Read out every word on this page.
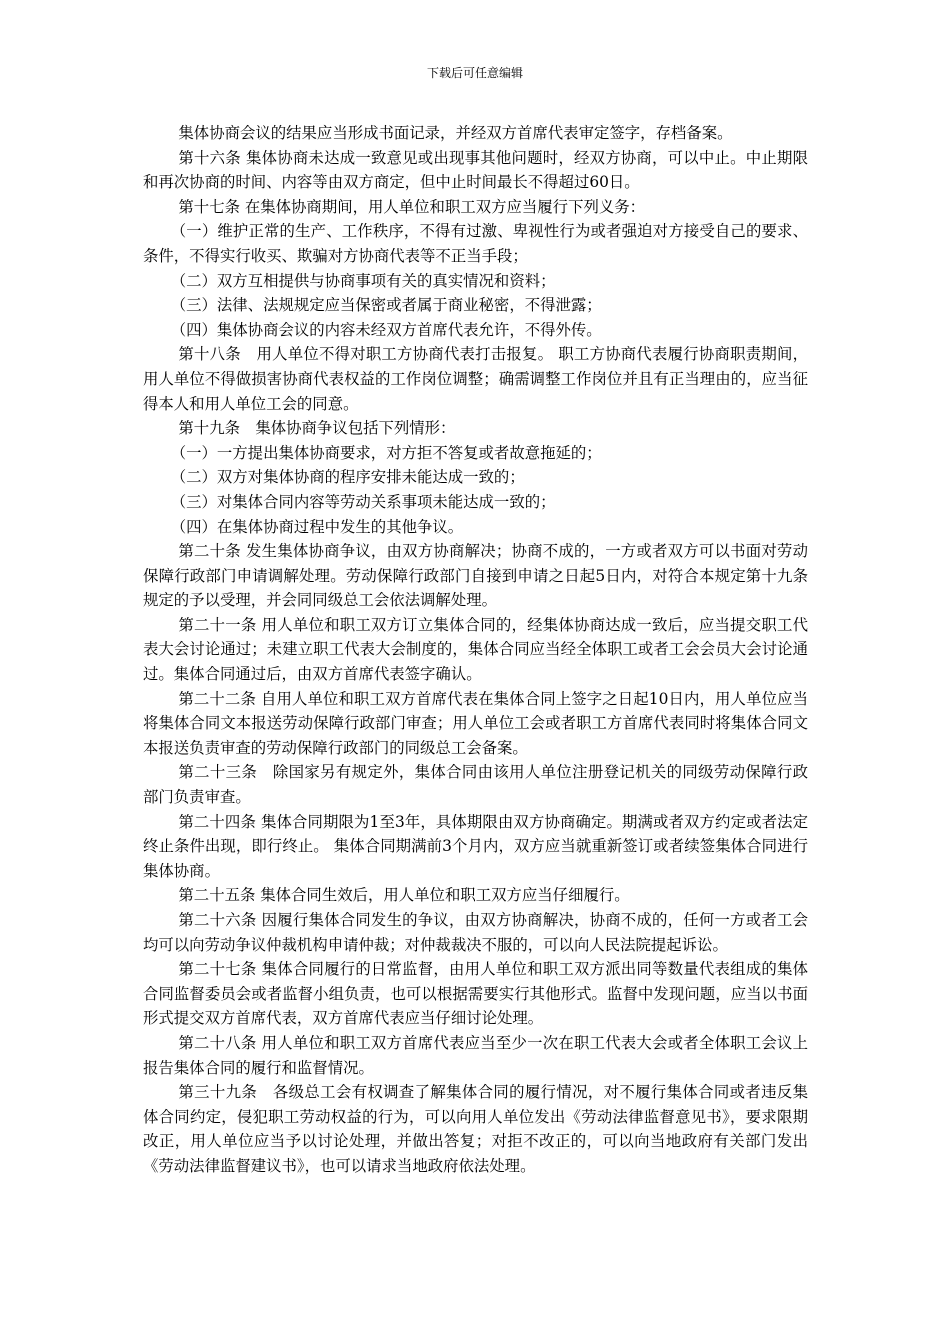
下载后可任意编辑

集体协商会议的结果应当形成书面记录，并经双方首席代表审定签字，存档备案。

第十六条 集体协商未达成一致意见或出现事其他问题时，经双方协商，可以中止。中止期限和再次协商的时间、内容等由双方商定，但中止时间最长不得超过60日。

第十七条 在集体协商期间，用人单位和职工双方应当履行下列义务：

（一）维护正常的生产、工作秩序，不得有过激、卑视性行为或者强迫对方接受自己的要求、条件，不得实行收买、欺骗对方协商代表等不正当手段；

（二）双方互相提供与协商事项有关的真实情况和资料；

（三）法律、法规规定应当保密或者属于商业秘密，不得泄露；

（四）集体协商会议的内容未经双方首席代表允许，不得外传。

第十八条　用人单位不得对职工方协商代表打击报复。 职工方协商代表履行协商职责期间，用人单位不得做损害协商代表权益的工作岗位调整；确需调整工作岗位并且有正当理由的，应当征得本人和用人单位工会的同意。

第十九条　集体协商争议包括下列情形：

（一）一方提出集体协商要求，对方拒不答复或者故意拖延的；

（二）双方对集体协商的程序安排未能达成一致的；

（三）对集体合同内容等劳动关系事项未能达成一致的；

（四）在集体协商过程中发生的其他争议。

第二十条 发生集体协商争议，由双方协商解决；协商不成的，一方或者双方可以书面对劳动保障行政部门申请调解处理。劳动保障行政部门自接到申请之日起5日内，对符合本规定第十九条规定的予以受理，并会同同级总工会依法调解处理。

第二十一条 用人单位和职工双方订立集体合同的，经集体协商达成一致后，应当提交职工代表大会讨论通过；未建立职工代表大会制度的，集体合同应当经全体职工或者工会会员大会讨论通过。集体合同通过后，由双方首席代表签字确认。

第二十二条 自用人单位和职工双方首席代表在集体合同上签字之日起10日内，用人单位应当将集体合同文本报送劳动保障行政部门审查；用人单位工会或者职工方首席代表同时将集体合同文本报送负责审查的劳动保障行政部门的同级总工会备案。

第二十三条　除国家另有规定外，集体合同由该用人单位注册登记机关的同级劳动保障行政部门负责审查。

第二十四条 集体合同期限为1至3年，具体期限由双方协商确定。期满或者双方约定或者法定终止条件出现，即行终止。 集体合同期满前3个月内，双方应当就重新签订或者续签集体合同进行集体协商。

第二十五条 集体合同生效后，用人单位和职工双方应当仔细履行。

第二十六条 因履行集体合同发生的争议，由双方协商解决，协商不成的，任何一方或者工会均可以向劳动争议仲裁机构申请仲裁；对仲裁裁决不服的，可以向人民法院提起诉讼。

第二十七条 集体合同履行的日常监督，由用人单位和职工双方派出同等数量代表组成的集体合同监督委员会或者监督小组负责，也可以根据需要实行其他形式。监督中发现问题，应当以书面形式提交双方首席代表，双方首席代表应当仔细讨论处理。

第二十八条 用人单位和职工双方首席代表应当至少一次在职工代表大会或者全体职工会议上报告集体合同的履行和监督情况。

第三十九条　各级总工会有权调查了解集体合同的履行情况，对不履行集体合同或者违反集体合同约定，侵犯职工劳动权益的行为，可以向用人单位发出《劳动法律监督意见书》，要求限期改正，用人单位应当予以讨论处理，并做出答复；对拒不改正的，可以向当地政府有关部门发出《劳动法律监督建议书》，也可以请求当地政府依法处理。
